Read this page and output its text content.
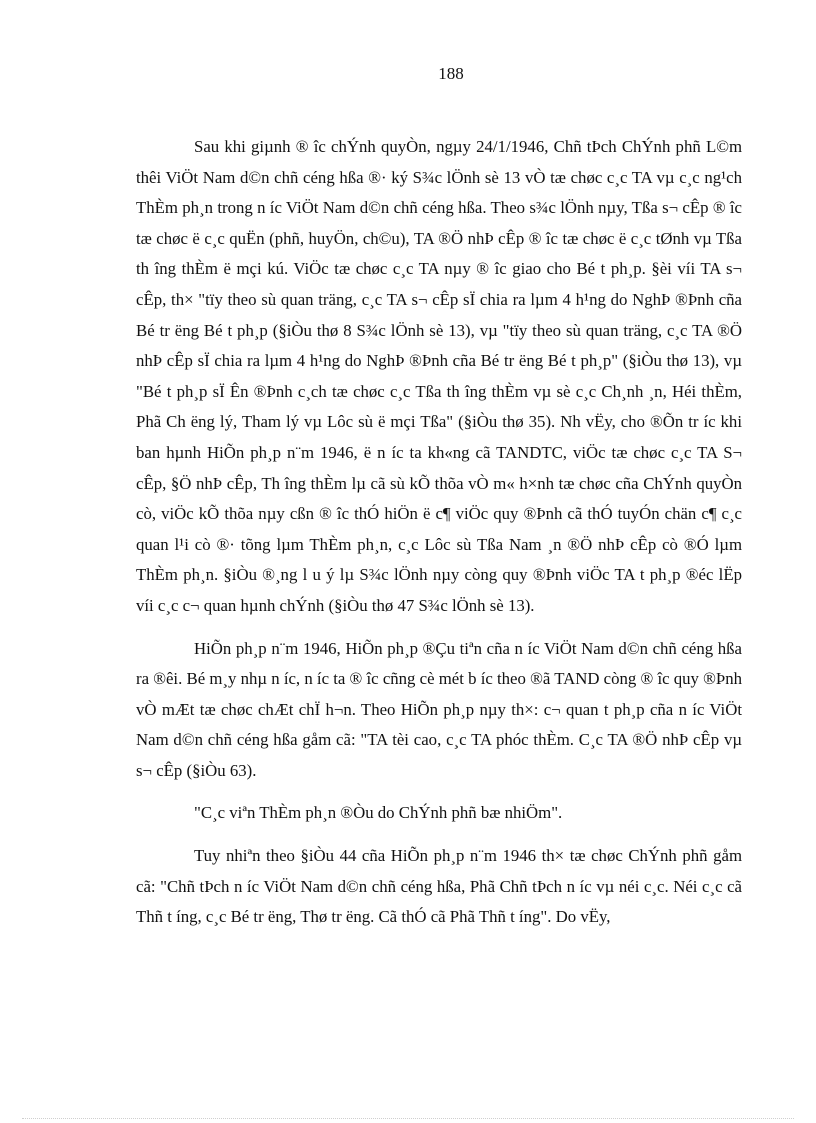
188

Sau khi giµnh ® îc chÝnh quyÒn, ngµy 24/1/1946, Chñ tÞch ChÝnh phñ L©m thêi ViÖt Nam d©n chñ céng hßa ®· ký S¾c lÖnh sè 13 vÒ tæ chøc c¸c TA vµ c¸c ng¹ch ThÈm ph¸n trong n íc ViÖt Nam d©n chñ céng hßa. Theo s¾c lÖnh nµy, Tßa s¬ cÊp ® îc tæ chøc ë c¸c quËn (phñ, huyÖn, ch©u), TA ®Ö nhÞ cÊp ® îc tæ chøc ë c¸c tØnh vµ Tßa th îng thÈm ë mçi kú. ViÖc tæ chøc c¸c TA nµy ® îc giao cho Bé t ph¸p. §èi víi TA s¬ cÊp, th× "tïy theo sù quan träng, c¸c TA s¬ cÊp sÏ chia ra lµm 4 h¹ng do NghÞ ®Þnh cña Bé tr ëng Bé t ph¸p (§iÒu thø 8 S¾c lÖnh sè 13), vµ "tïy theo sù quan träng, c¸c TA ®Ö nhÞ cÊp sÏ chia ra lµm 4 h¹ng do NghÞ ®Þnh cña Bé tr ëng Bé t ph¸p" (§iÒu thø 13), vµ "Bé t ph¸p sÏ Ên ®Þnh c¸ch tæ chøc c¸c Tßa th îng thÈm vµ sè c¸c Ch¸nh ¸n, Héi thÈm, Phã Ch ëng lý, Tham lý vµ Lôc sù ë mçi Tßa" (§iÒu thø 35). Nh vËy, cho ®Õn tr íc khi ban hµnh HiÕn ph¸p n¨m 1946, ë n íc ta kh«ng cã TANDTC, viÖc tæ chøc c¸c TA S¬ cÊp, §Ö nhÞ cÊp, Th îng thÈm lµ cã sù kÕ thõa vÒ m« h×nh tæ chøc cña ChÝnh quyÒn cò, viÖc kÕ thõa nµy cßn ® îc thÓ hiÖn ë c¶ viÖc quy ®Þnh cã thÓ tuyÓn chän c¶ c¸c quan l¹i cò ®· tõng lµm ThÈm ph¸n, c¸c Lôc sù Tßa Nam ¸n ®Ö nhÞ cÊp cò ®Ó lµm ThÈm ph¸n. §iÒu ®¸ng l u ý lµ S¾c lÖnh nµy còng quy ®Þnh viÖc TA t ph¸p ®éc lËp víi c¸c c¬ quan hµnh chÝnh (§iÒu thø 47 S¾c lÖnh sè 13).

HiÕn ph¸p n¨m 1946, HiÕn ph¸p ®Çu tiªn cña n íc ViÖt Nam d©n chñ céng hßa ra ®êi. Bé m¸y nhµ n íc, n íc ta ® îc cñng cè mét b íc theo ®ã TAND còng ® îc quy ®Þnh vÒ mÆt tæ chøc chÆt chÏ h¬n. Theo HiÕn ph¸p nµy th×: c¬ quan t ph¸p cña n íc ViÖt Nam d©n chñ céng hßa gåm cã: "TA tèi cao, c¸c TA phóc thÈm. C¸c TA ®Ö nhÞ cÊp vµ s¬ cÊp (§iÒu 63).

"C¸c viªn ThÈm ph¸n ®Òu do ChÝnh phñ bæ nhiÖm".

Tuy nhiªn theo §iÒu 44 cña HiÕn ph¸p n¨m 1946 th× tæ chøc ChÝnh phñ gåm cã: "Chñ tÞch n íc ViÖt Nam d©n chñ céng hßa, Phã Chñ tÞch n íc vµ néi c¸c. Néi c¸c cã Thñ t íng, c¸c Bé tr ëng, Thø tr ëng. Cã thÓ cã Phã Thñ t íng". Do vËy,
